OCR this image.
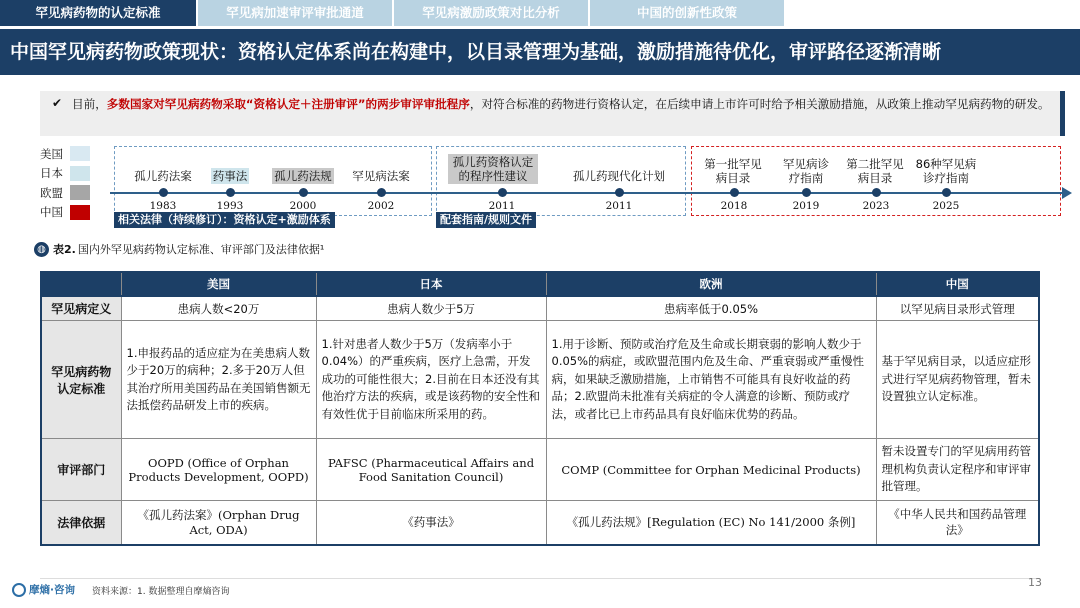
罕见病药物的认定标准	罕见病加速审评审批通道	罕见病激励政策对比分析	中国的创新性政策
中国罕见病药物政策现状：资格认定体系尚在构建中，以目录管理为基础，激励措施待优化，审评路径逐渐清晰
✔ 目前，多数国家对罕见病药物采取“资格认定＋注册审评”的两步审评审批程序，对符合标准的药物进行资格认定，在后续申请上市许可时给予相关激励措施，从政策上推动罕见病药物的研发。
美国
日本
欧盟
中国
孤儿药法案	药事法	孤儿药法规	罕见病法案
孤儿药资格认定的程序性建议	孤儿药现代化计划
第一批罕见病目录
罕见病诊疗指南
第二批罕见病目录
86种罕见病诊疗指南
1983	1993	2000	2002	2011	2011	2018	2019	2023	2025
相关法律（持续修订）：资格认定+激励体系	配套指南/规则文件
◍ 表2. 国内外罕见病药物认定标准、审评部门及法律依据¹
	美国	日本	欧洲	中国
罕见病定义	患病人数<20万	患病人数少于5万	患病率低于0.05%	以罕见病目录形式管理
罕见病药物认定标准	1.申报药品的适应症为在美患病人数少于20万的病种；2.多于20万人但其治疗所用美国药品在美国销售额无法抵偿药品研发上市的疾病。	1.针对患者人数少于5万（发病率小于0.04%）的严重疾病，医疗上急需，开发成功的可能性很大；2.目前在日本还没有其他治疗方法的疾病，或是该药物的安全性和有效性优于目前临床所采用的药。	1.用于诊断、预防或治疗危及生命或长期衰弱的影响人数少于0.05%的病症，或欧盟范围内危及生命、严重衰弱或严重慢性病，如果缺乏激励措施，上市销售不可能具有良好收益的药品；2.欧盟尚未批准有关病症的令人满意的诊断、预防或疗法，或者比已上市药品具有良好临床优势的药品。	基于罕见病目录，以适应症形式进行罕见病药物管理，暂未设置独立认定标准。
审评部门	OOPD (Office of Orphan Products Development, OOPD)	PAFSC (Pharmaceutical Affairs and Food Sanitation Council)	COMP (Committee for Orphan Medicinal Products)	暂未设置专门的罕见病用药管理机构负责认定程序和审评审批管理。
法律依据	《孤儿药法案》(Orphan Drug Act, ODA)	《药事法》	《孤儿药法规》[Regulation (EC) No 141/2000 条例]	《中华人民共和国药品管理法》
摩熵·咨询 资料来源：1. 数据整理自摩熵咨询
13
